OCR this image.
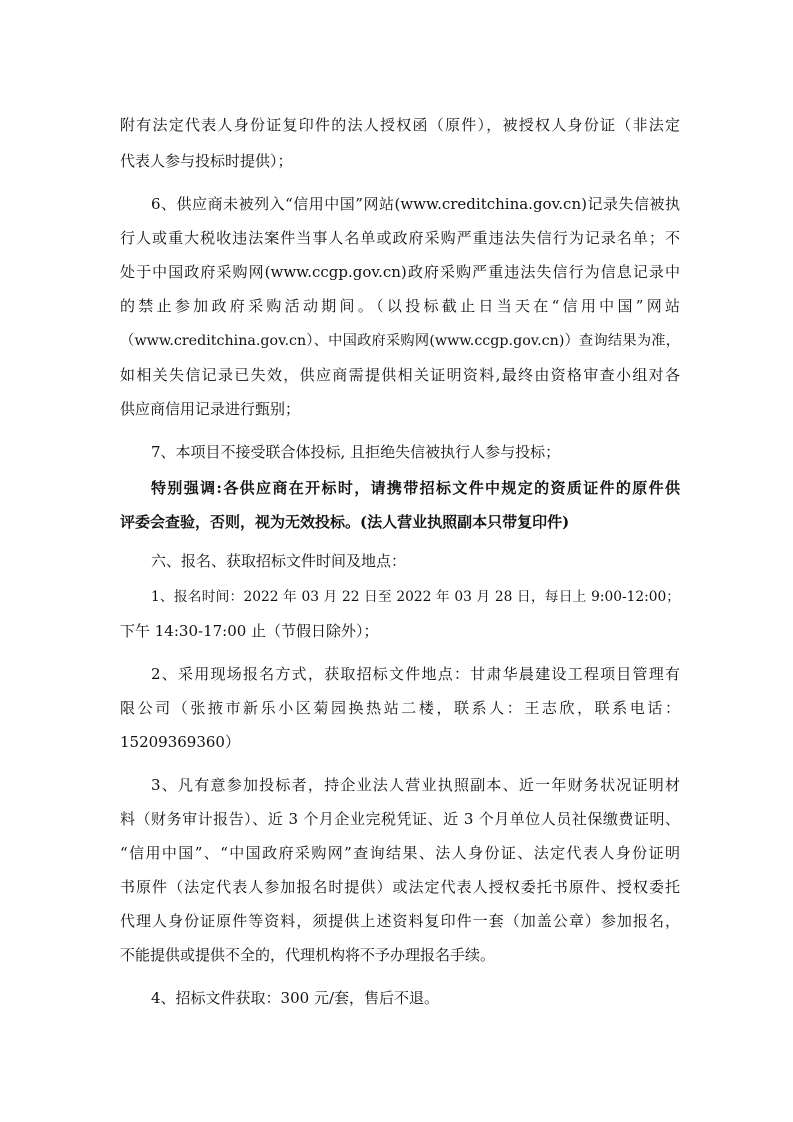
附有法定代表人身份证复印件的法人授权函（原件），被授权人身份证（非法定
代表人参与投标时提供）；
6、供应商未被列入“信用中国”网站(www.creditchina.gov.cn)记录失信被执
行人或重大税收违法案件当事人名单或政府采购严重违法失信行为记录名单；不
处于中国政府采购网(www.ccgp.gov.cn)政府采购严重违法失信行为信息记录中
的禁止参加政府采购活动期间。（以投标截止日当天在“信用中国”网站
（www.creditchina.gov.cn）、中国政府采购网(www.ccgp.gov.cn)）查询结果为准，
如相关失信记录已失效，供应商需提供相关证明资料,最终由资格审查小组对各
供应商信用记录进行甄别；
7、本项目不接受联合体投标, 且拒绝失信被执行人参与投标；
特别强调:各供应商在开标时，请携带招标文件中规定的资质证件的原件供
评委会查验，否则，视为无效投标。(法人营业执照副本只带复印件)
六、报名、获取招标文件时间及地点：
1、报名时间：2022 年 03 月 22 日至 2022 年 03 月 28 日，每日上 9:00-12:00；
下午 14:30-17:00 止（节假日除外）；
2、采用现场报名方式，获取招标文件地点：甘肃华晨建设工程项目管理有
限公司（张掖市新乐小区菊园换热站二楼，联系人：王志欣，联系电话：
15209369360）
3、凡有意参加投标者，持企业法人营业执照副本、近一年财务状况证明材
料（财务审计报告）、近 3 个月企业完税凭证、近 3 个月单位人员社保缴费证明、
“信用中国”、“中国政府采购网”查询结果、法人身份证、法定代表人身份证明
书原件（法定代表人参加报名时提供）或法定代表人授权委托书原件、授权委托
代理人身份证原件等资料，须提供上述资料复印件一套（加盖公章）参加报名，
不能提供或提供不全的，代理机构将不予办理报名手续。
4、招标文件获取：300 元/套，售后不退。
